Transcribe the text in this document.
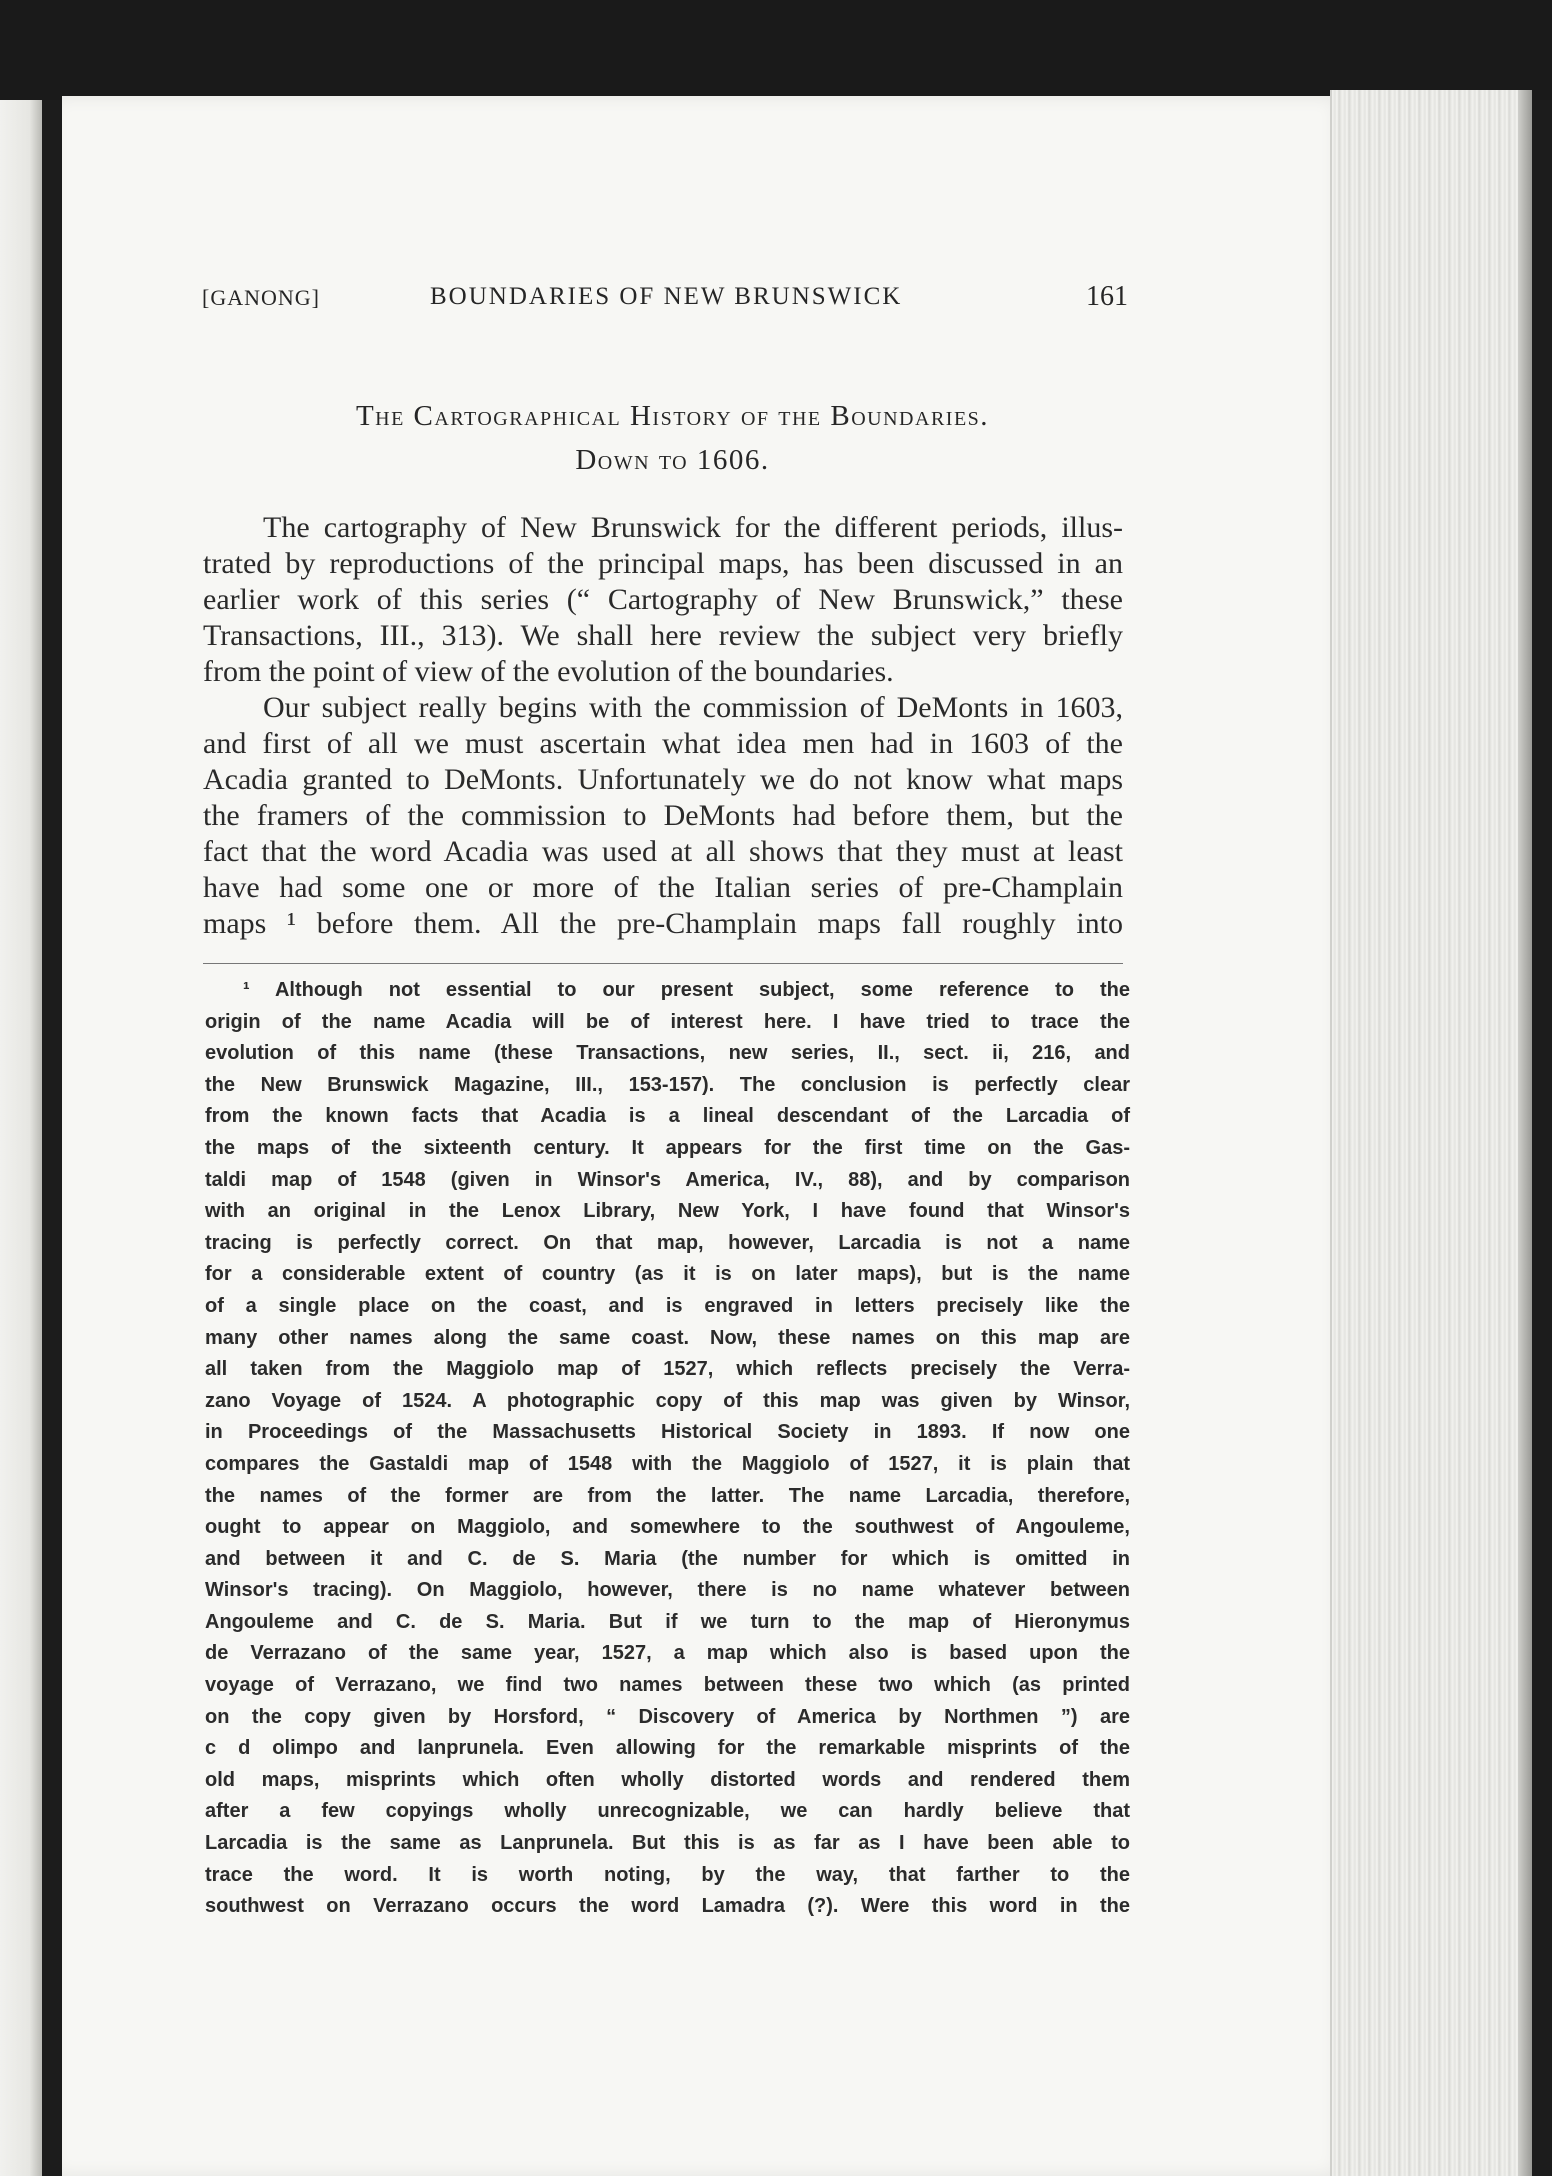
[GANONG]	BOUNDARIES OF NEW BRUNSWICK	161
The Cartographical History of the Boundaries.
Down to 1606.
The cartography of New Brunswick for the different periods, illus-
trated by reproductions of the principal maps, has been discussed in an
earlier work of this series (“ Cartography of New Brunswick,” these
Transactions, III., 313). We shall here review the subject very briefly
from the point of view of the evolution of the boundaries.
Our subject really begins with the commission of DeMonts in 1603,
and first of all we must ascertain what idea men had in 1603 of the
Acadia granted to DeMonts. Unfortunately we do not know what maps
the framers of the commission to DeMonts had before them, but the
fact that the word Acadia was used at all shows that they must at least
have had some one or more of the Italian series of pre-Champlain
maps ¹ before them. All the pre-Champlain maps fall roughly into
¹ Although not essential to our present subject, some reference to the
origin of the name Acadia will be of interest here. I have tried to trace the
evolution of this name (these Transactions, new series, II., sect. ii, 216, and
the New Brunswick Magazine, III., 153-157). The conclusion is perfectly clear
from the known facts that Acadia is a lineal descendant of the Larcadia of
the maps of the sixteenth century. It appears for the first time on the Gas-
taldi map of 1548 (given in Winsor's America, IV., 88), and by comparison
with an original in the Lenox Library, New York, I have found that Winsor's
tracing is perfectly correct. On that map, however, Larcadia is not a name
for a considerable extent of country (as it is on later maps), but is the name
of a single place on the coast, and is engraved in letters precisely like the
many other names along the same coast. Now, these names on this map are
all taken from the Maggiolo map of 1527, which reflects precisely the Verra-
zano Voyage of 1524. A photographic copy of this map was given by Winsor,
in Proceedings of the Massachusetts Historical Society in 1893. If now one
compares the Gastaldi map of 1548 with the Maggiolo of 1527, it is plain that
the names of the former are from the latter. The name Larcadia, therefore,
ought to appear on Maggiolo, and somewhere to the southwest of Angouleme,
and between it and C. de S. Maria (the number for which is omitted in
Winsor's tracing). On Maggiolo, however, there is no name whatever between
Angouleme and C. de S. Maria. But if we turn to the map of Hieronymus
de Verrazano of the same year, 1527, a map which also is based upon the
voyage of Verrazano, we find two names between these two which (as printed
on the copy given by Horsford, “ Discovery of America by Northmen ”) are
c d olimpo and lanprunela. Even allowing for the remarkable misprints of the
old maps, misprints which often wholly distorted words and rendered them
after a few copyings wholly unrecognizable, we can hardly believe that
Larcadia is the same as Lanprunela. But this is as far as I have been able to
trace the word. It is worth noting, by the way, that farther to the
southwest on Verrazano occurs the word Lamadra (?). Were this word in the
